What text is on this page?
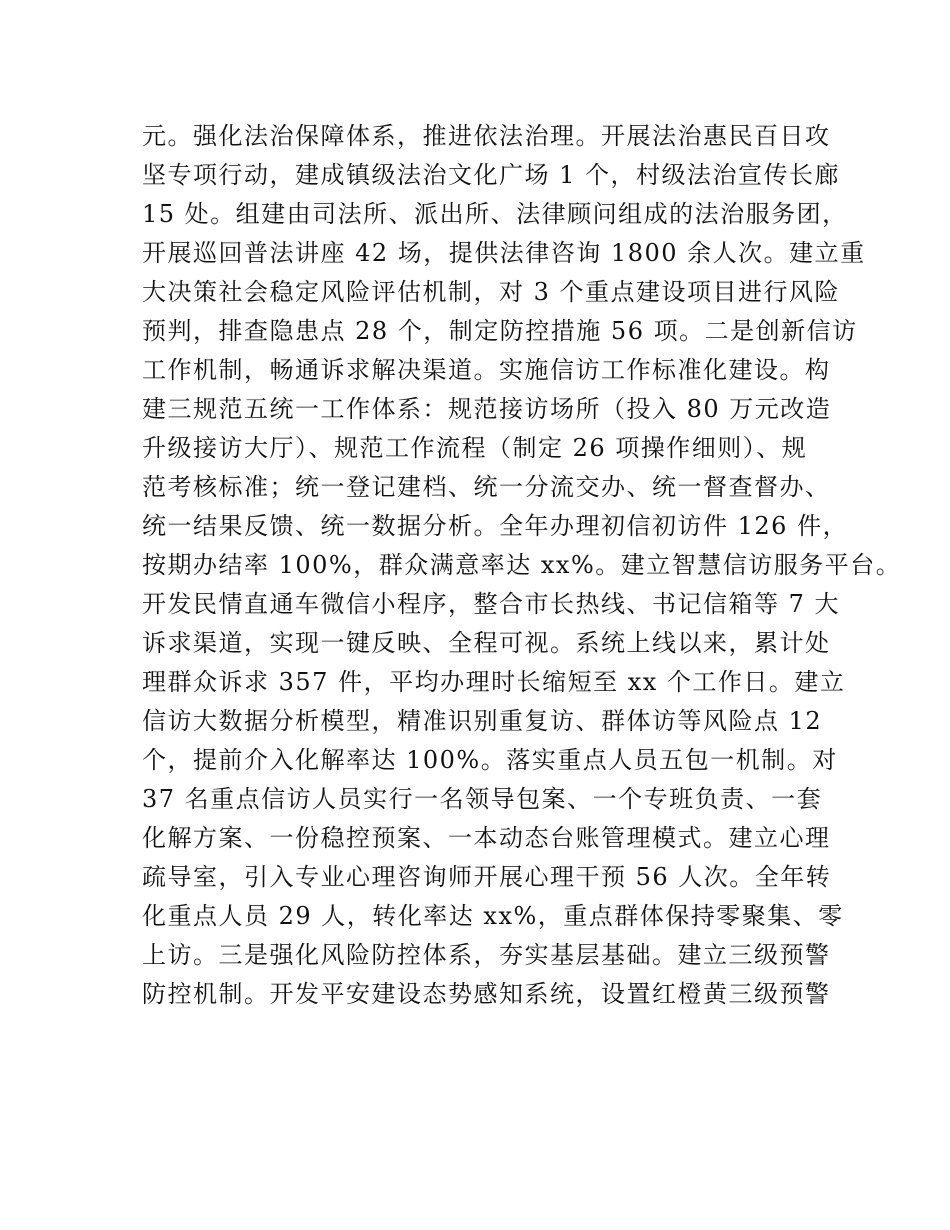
元。强化法治保障体系，推进依法治理。开展法治惠民百日攻
坚专项行动，建成镇级法治文化广场 1 个，村级法治宣传长廊
15 处。组建由司法所、派出所、法律顾问组成的法治服务团，
开展巡回普法讲座 42 场，提供法律咨询 1800 余人次。建立重
大决策社会稳定风险评估机制，对 3 个重点建设项目进行风险
预判，排查隐患点 28 个，制定防控措施 56 项。二是创新信访
工作机制，畅通诉求解决渠道。实施信访工作标准化建设。构
建三规范五统一工作体系：规范接访场所（投入 80 万元改造
升级接访大厅）、规范工作流程（制定 26 项操作细则）、规
范考核标准；统一登记建档、统一分流交办、统一督查督办、
统一结果反馈、统一数据分析。全年办理初信初访件 126 件，
按期办结率 100%，群众满意率达 xx%。建立智慧信访服务平台。
开发民情直通车微信小程序，整合市长热线、书记信箱等 7 大
诉求渠道，实现一键反映、全程可视。系统上线以来，累计处
理群众诉求 357 件，平均办理时长缩短至 xx 个工作日。建立
信访大数据分析模型，精准识别重复访、群体访等风险点 12
个，提前介入化解率达 100%。落实重点人员五包一机制。对
37 名重点信访人员实行一名领导包案、一个专班负责、一套
化解方案、一份稳控预案、一本动态台账管理模式。建立心理
疏导室，引入专业心理咨询师开展心理干预 56 人次。全年转
化重点人员 29 人，转化率达 xx%，重点群体保持零聚集、零
上访。三是强化风险防控体系，夯实基层基础。建立三级预警
防控机制。开发平安建设态势感知系统，设置红橙黄三级预警
